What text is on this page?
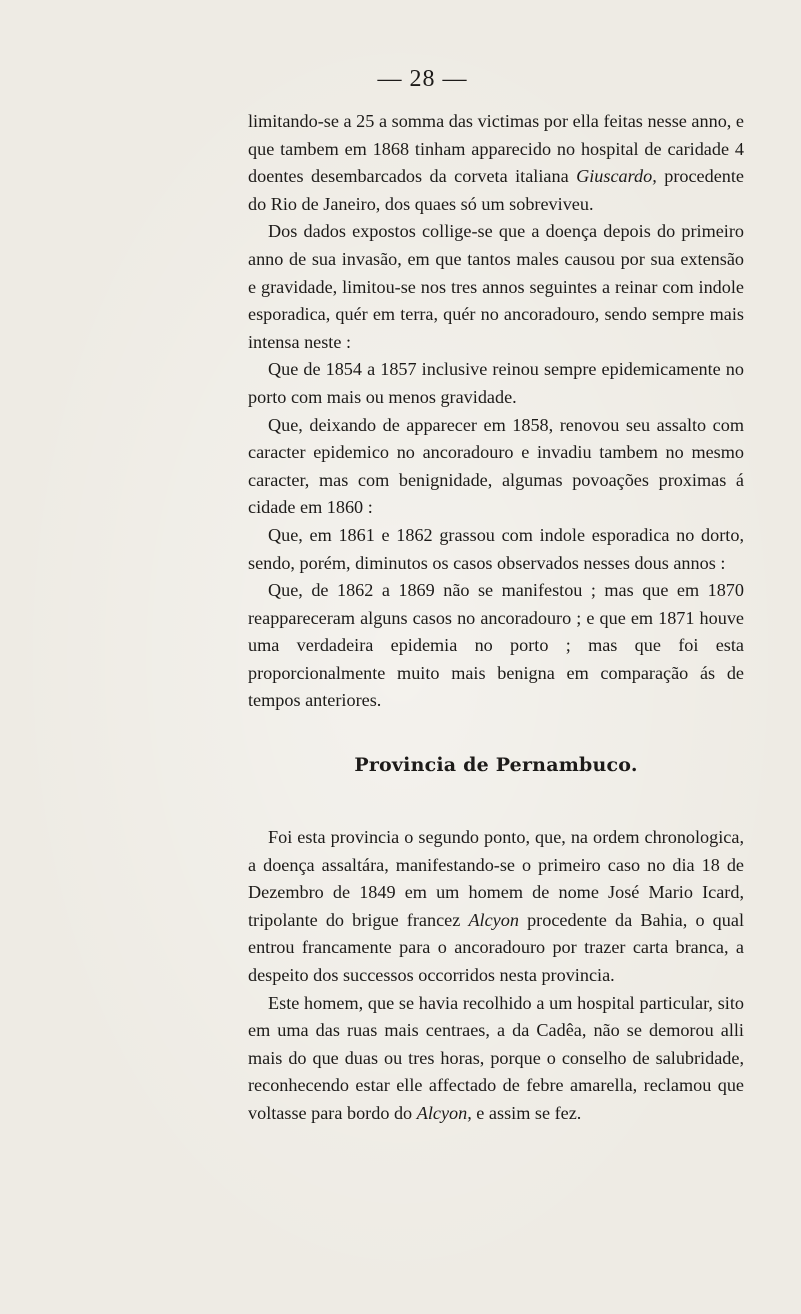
— 28 —

limitando-se a 25 a somma das victimas por ella feitas nesse anno, e que tambem em 1868 tinham apparecido no hospital de caridade 4 doentes desembarcados da corveta italiana Giuscardo, procedente do Rio de Janeiro, dos quaes só um sobreviveu.

Dos dados expostos collige-se que a doença depois do primeiro anno de sua invasão, em que tantos males causou por sua extensão e gravidade, limitou-se nos tres annos seguintes a reinar com indole esporadica, quér em terra, quér no ancoradouro, sendo sempre mais intensa neste :

Que de 1854 a 1857 inclusive reinou sempre epidemicamente no porto com mais ou menos gravidade.

Que, deixando de apparecer em 1858, renovou seu assalto com caracter epidemico no ancoradouro e invadiu tambem no mesmo caracter, mas com benignidade, algumas povoações proximas á cidade em 1860 :

Que, em 1861 e 1862 grassou com indole esporadica no dorto, sendo, porém, diminutos os casos observados nesses dous annos :

Que, de 1862 a 1869 não se manifestou ; mas que em 1870 reappareceram alguns casos no ancoradouro ; e que em 1871 houve uma verdadeira epidemia no porto ; mas que foi esta proporcionalmente muito mais benigna em comparação ás de tempos anteriores.

Provincia de Pernambuco.

Foi esta provincia o segundo ponto, que, na ordem chronologica, a doença assaltára, manifestando-se o primeiro caso no dia 18 de Dezembro de 1849 em um homem de nome José Mario Icard, tripolante do brigue francez Alcyon procedente da Bahia, o qual entrou francamente para o ancoradouro por trazer carta branca, a despeito dos successos occorridos nesta provincia.

Este homem, que se havia recolhido a um hospital particular, sito em uma das ruas mais centraes, a da Cadêa, não se demorou alli mais do que duas ou tres horas, porque o conselho de salubridade, reconhecendo estar elle affectado de febre amarella, reclamou que voltasse para bordo do Alcyon, e assim se fez.
